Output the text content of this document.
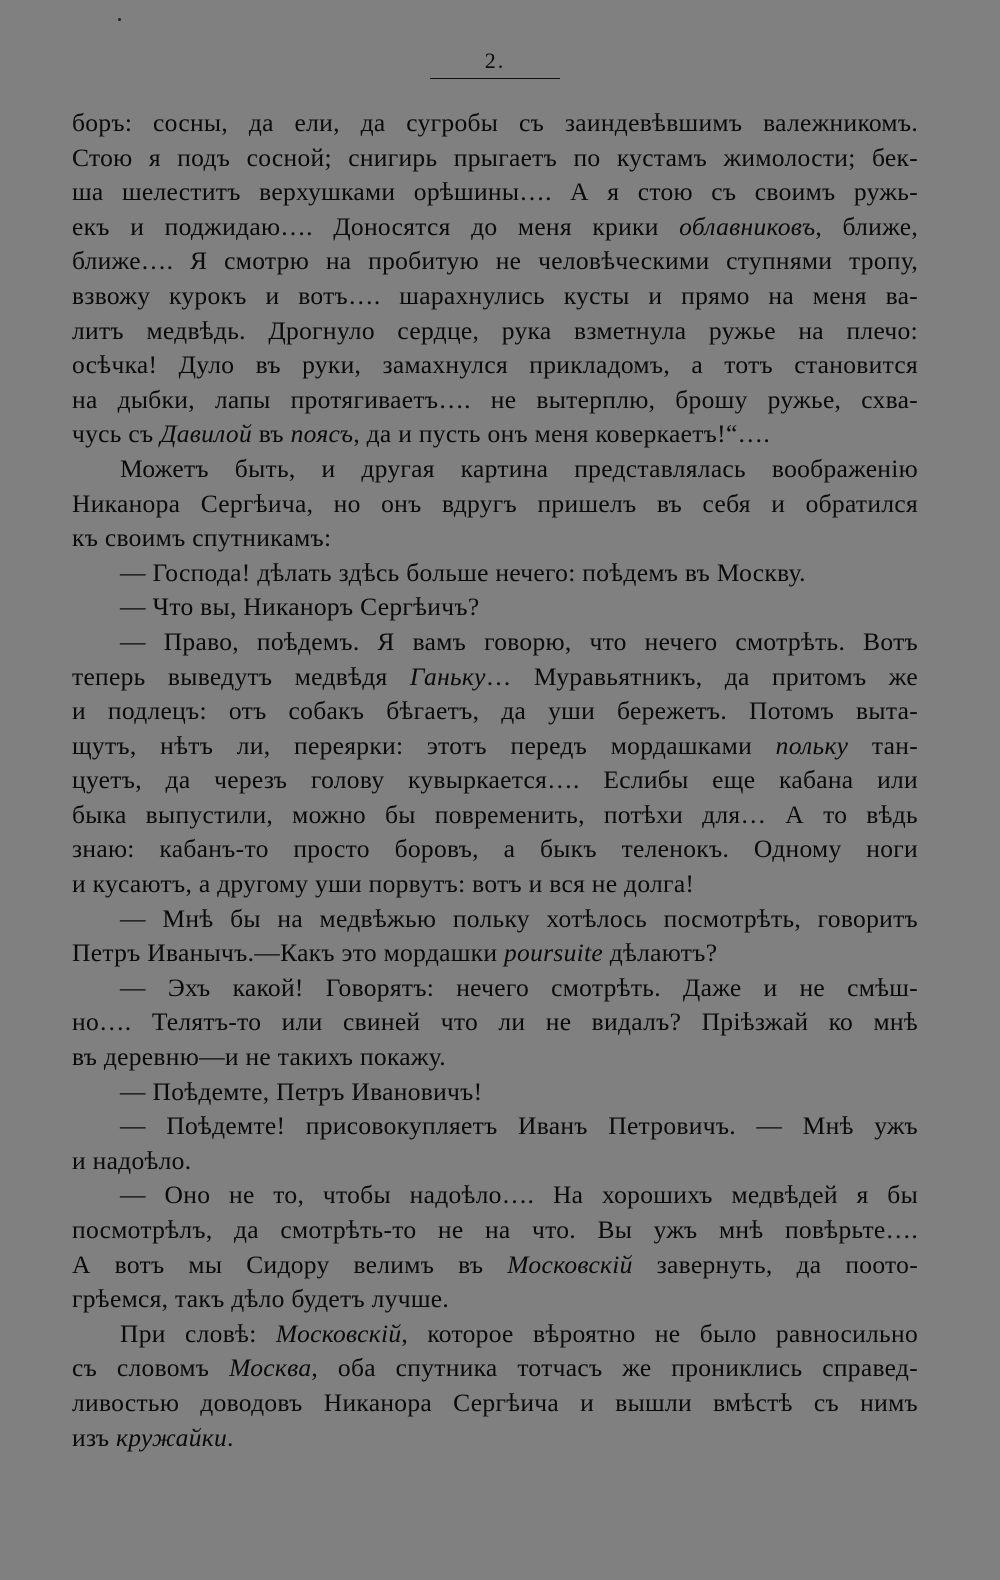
2.
боръ: сосны, да ели, да сугробы съ заиндевѣвшимъ валежникомъ.
Стою я подъ сосной; снигирь прыгаетъ по кустамъ жимолости; бек-
ша шелеститъ верхушками орѣшины…. А я стою съ своимъ ружь-
екъ и поджидаю…. Доносятся до меня крики облавниковъ, ближе,
ближе…. Я смотрю на пробитую не человѣческими ступнями тропу,
взвожу курокъ и вотъ…. шарахнулись кусты и прямо на меня ва-
литъ медвѣдь. Дрогнуло сердце, рука взметнула ружье на плечо:
осѣчка! Дуло въ руки, замахнулся прикладомъ, а тотъ становится
на дыбки, лапы протягиваетъ…. не вытерплю, брошу ружье, схва-
чусь съ Давилой въ поясъ, да и пусть онъ меня коверкаетъ!“….
Можетъ быть, и другая картина представлялась воображенію
Никанора Сергѣича, но онъ вдругъ пришелъ въ себя и обратился
къ своимъ спутникамъ:
— Господа! дѣлать здѣсь больше нечего: поѣдемъ въ Москву.
— Что вы, Никаноръ Сергѣичъ?
— Право, поѣдемъ. Я вамъ говорю, что нечего смотрѣть. Вотъ
теперь выведутъ медвѣдя Ганьку… Муравьятникъ, да притомъ же
и подлецъ: отъ собакъ бѣгаетъ, да уши бережетъ. Потомъ выта-
щутъ, нѣтъ ли, переярки: этотъ передъ мордашками польку тан-
цуетъ, да черезъ голову кувыркается…. Еслибы еще кабана или
быка выпустили, можно бы повременить, потѣхи для… А то вѣдь
знаю: кабанъ-то просто боровъ, а быкъ теленокъ. Одному ноги
и кусаютъ, а другому уши порвутъ: вотъ и вся не долга!
— Мнѣ бы на медвѣжью польку хотѣлось посмотрѣть, говоритъ
Петръ Иванычъ.—Какъ это мордашки poursuite дѣлаютъ?
— Эхъ какой! Говорятъ: нечего смотрѣть. Даже и не смѣш-
но…. Телятъ-то или свиней что ли не видалъ? Пріѣзжай ко мнѣ
въ деревню—и не такихъ покажу.
— Поѣдемте, Петръ Ивановичъ!
— Поѣдемте! присовокупляетъ Иванъ Петровичъ. — Мнѣ ужъ
и надоѣло.
— Оно не то, чтобы надоѣло…. На хорошихъ медвѣдей я бы
посмотрѣлъ, да смотрѣть-то не на что. Вы ужъ мнѣ повѣрьте….
А вотъ мы Сидору велимъ въ Московскій завернуть, да поото-
грѣемся, такъ дѣло будетъ лучше.
При словѣ: Московскій, которое вѣроятно не было равносильно
съ словомъ Москва, оба спутника тотчасъ же прониклись справед-
ливостью доводовъ Никанора Сергѣича и вышли вмѣстѣ съ нимъ
изъ кружайки.
